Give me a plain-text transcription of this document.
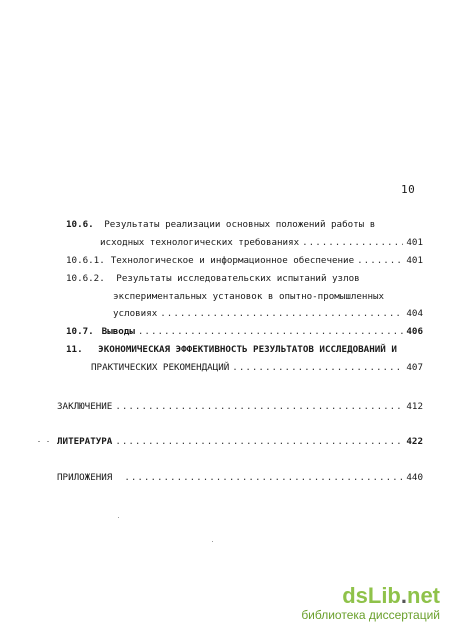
10
10.6. Результаты реализации основных положений работы в
исходных технологических требованиях .....	401
10.6.1. Технологическое и информационное обеспечение .....	401
10.6.2. Результаты исследовательских испытаний узлов
экспериментальных установок в опытно-промышленных
условиях .....	404
10.7. Выводы .....	406
11. ЭКОНОМИЧЕСКАЯ ЭФФЕКТИВНОСТЬ РЕЗУЛЬТАТОВ ИССЛЕДОВАНИЙ И
ПРАКТИЧЕСКИХ РЕКОМЕНДАЦИЙ .....	407
ЗАКЛЮЧЕНИЕ .....	412
ЛИТЕРАТУРА .....	422
ПРИЛОЖЕНИЯ .....	440
dsLib.net
библиотека диссертаций
